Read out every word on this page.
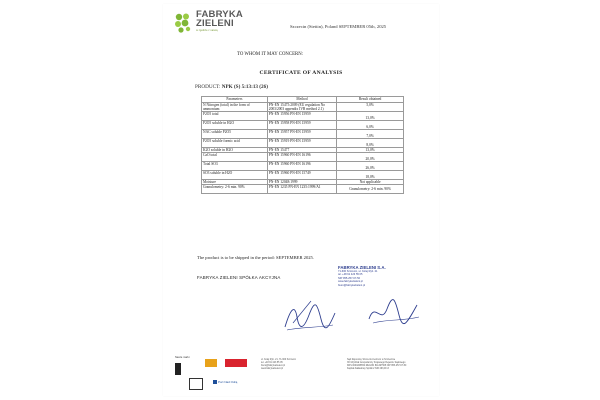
FABRYKA
ZIELENI
w zgodzie z naturą
Szczecin (Stettin), Poland SEPTEMBER 05th, 2025
TO WHOM IT MAY CONCERN:
CERTIFICATE OF ANALYSIS
PRODUCT: NPK (S) 5:13:13 (26)
Parameters	Method	Result obtained
N Nitrogen (total) in the form of ammonium	PN-EN 15475:2009 (EU regulation No 2003/2003 appendix IVB method 2.1)	5,0%
P2O5 total	PN-EN 15956 PN-EN 15959	13,0%
P2O5 soluble in H2O	PN-EN 15958 PN-EN 15959	6,0%
NAC soluble P2O5	PN-EN 15957 PN-EN 15959	7,0%
P2O5 soluble formic acid	PN-EN 15919 PN-EN 15959	8,0%
K2O soluble in H2O	PN-EN 15477	13,0%
CaO total	PN-EN 15960 PN-EN 16196	20,0%
Total SO3	PN-EN 15960 PN-EN 16196	26,0%
SO3 soluble in H2O	PN-EN 15960 PN-EN 15749	18,0%
Moisture	PN-EN 12048:1999	Not applicable
Granulometry: 2-6 min. 90%	PN-EN 1235 PN-EN 1235:1999/A1	Granulometry: 2-6 min. 90%
The product is to be shipped in the period: SEPTEMBER 2025.
FABRYKA ZIELENI SPÓŁKA AKCYJNA
FABRYKA ZIELENI S.A.
71-600 Szczecin, ul. Kolej Ryb. 21
tel. +48 91 423 55 05
NIP 955-257-67-50
www.fabrykazieleni.pl
biuro@fabrykazieleni.pl
Nasze marki
Port Nad Odrą
ul. Kolej Ryb. 21, 71-600 Szczecin
tel. +48 91 423 55 05
biuro@fabrykazieleni.pl
www.fabrykazieleni.pl
Sąd Rejonowy Szczecin-Centrum w Szczecinie
XIII Wydział Gospodarczy Krajowego Rejestru Sądowego
KRS 0000208554 REGON 811497505 NIP 955-257-67-50
Kapitał Zakładowy Spółki 2 636 493,00 zł
